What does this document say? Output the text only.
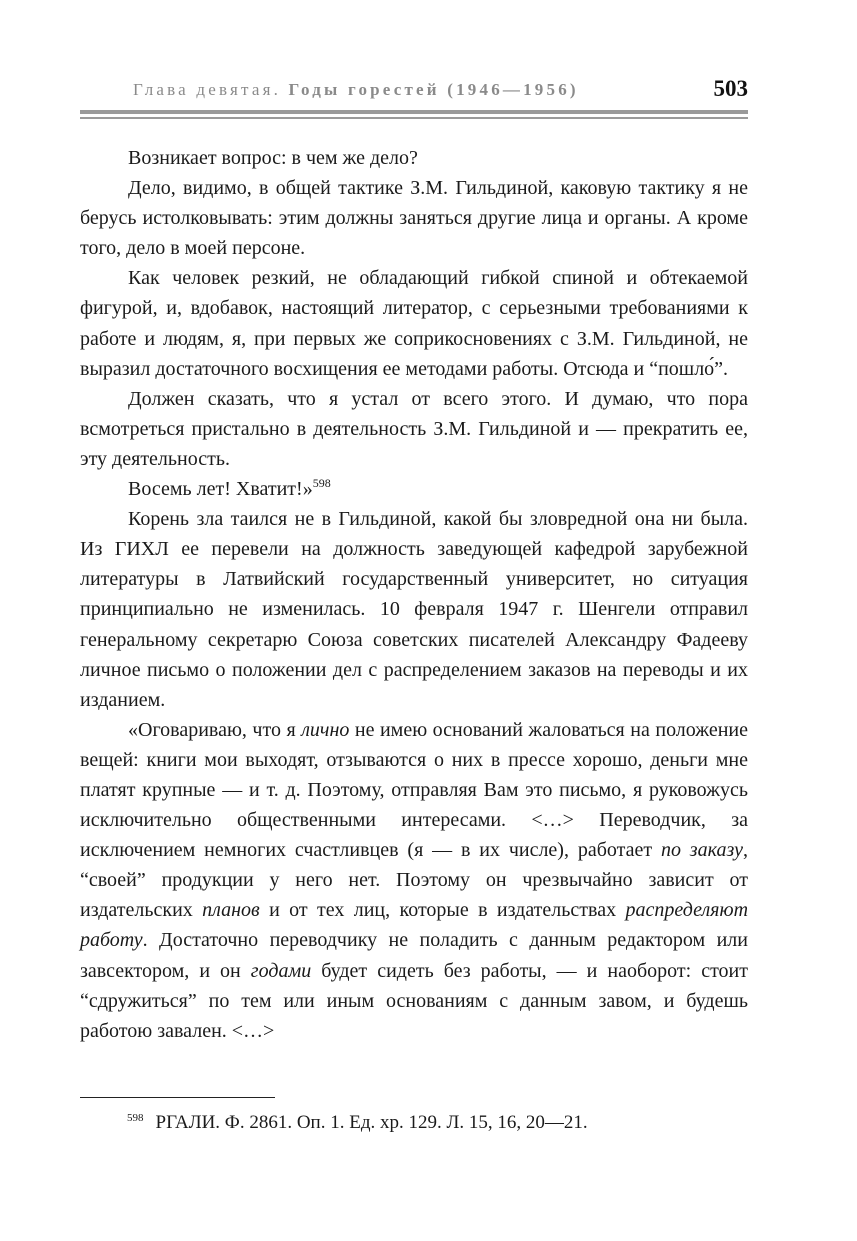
Глава девятая. Годы горестей (1946—1956)	503

Возникает вопрос: в чем же дело?

Дело, видимо, в общей тактике З.М. Гильдиной, каковую тактику я не берусь истолковывать: этим должны заняться другие лица и органы. А кроме того, дело в моей персоне.

Как человек резкий, не обладающий гибкой спиной и обтекаемой фигурой, и, вдобавок, настоящий литератор, с серьезными требованиями к работе и людям, я, при первых же соприкосновениях с З.М. Гильдиной, не выразил достаточного восхищения ее методами работы. Отсюда и “пошло́”.

Должен сказать, что я устал от всего этого. И думаю, что пора всмотреться пристально в деятельность З.М. Гильдиной и — прекратить ее, эту деятельность.

Восемь лет! Хватит!»$^{598}$

Корень зла таился не в Гильдиной, какой бы зловредной она ни была. Из ГИХЛ ее перевели на должность заведующей кафедрой зарубежной литературы в Латвийский государственный университет, но ситуация принципиально не изменилась. 10 февраля 1947 г. Шенгели отправил генеральному секретарю Союза советских писателей Александру Фадееву личное письмо о положении дел с распределением заказов на переводы и их изданием.

«Оговариваю, что я лично не имею оснований жаловаться на положение вещей: книги мои выходят, отзываются о них в прессе хорошо, деньги мне платят крупные — и т. д. Поэтому, отправляя Вам это письмо, я руковожусь исключительно общественными интересами. <…> Переводчик, за исключением немногих счастливцев (я — в их числе), работает по заказу, “своей” продукции у него нет. Поэтому он чрезвычайно зависит от издательских планов и от тех лиц, которые в издательствах распределяют работу. Достаточно переводчику не поладить с данным редактором или завсектором, и он годами будет сидеть без работы, — и наоборот: стоит “сдружиться” по тем или иным основаниям с данным завом, и будешь работою завален. <…>

$^{598}$ РГАЛИ. Ф. 2861. Оп. 1. Ед. хр. 129. Л. 15, 16, 20—21.
